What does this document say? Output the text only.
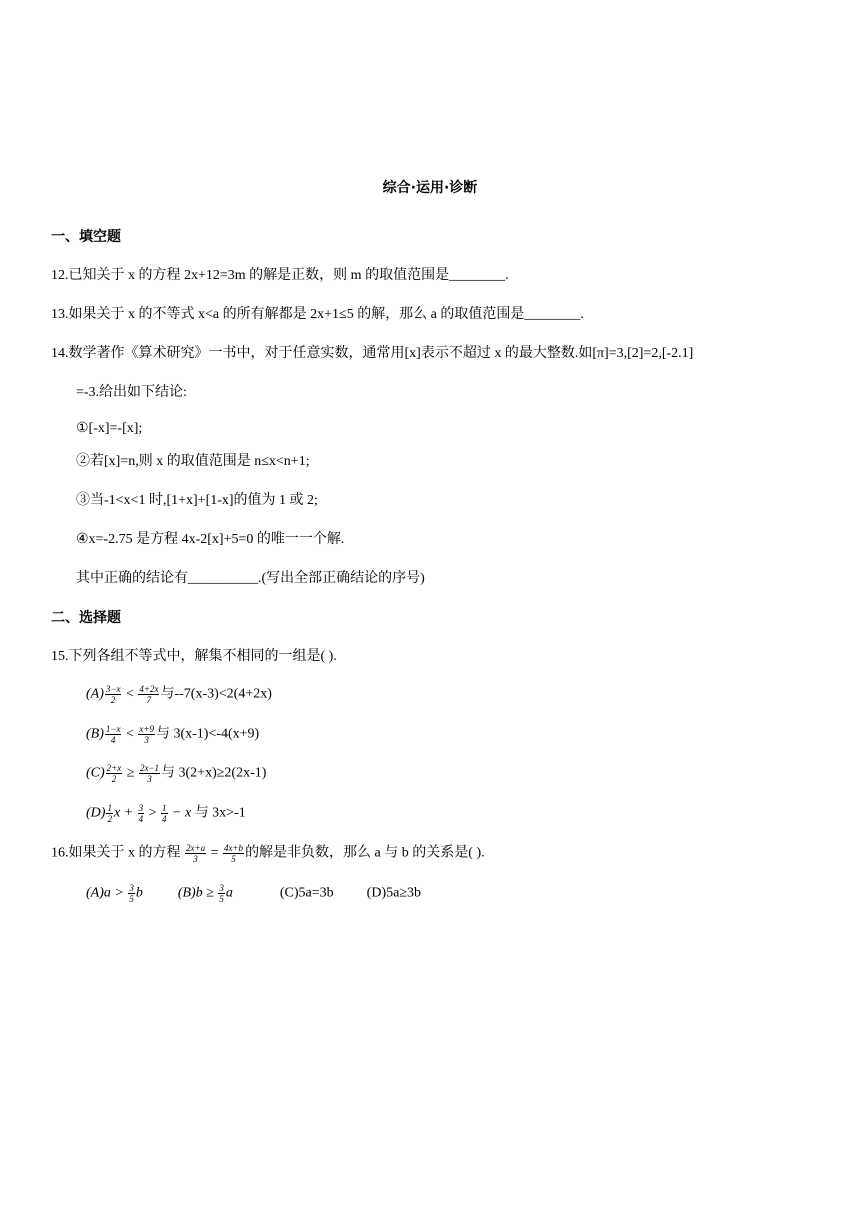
综合·运用·诊断
一、填空题
12.已知关于 x 的方程 2x+12=3m 的解是正数，则 m 的取值范围是________.
13.如果关于 x 的不等式 x<a 的所有解都是 2x+1≤5 的解，那么 a 的取值范围是________.
14.数学著作《算术研究》一书中，对于任意实数，通常用[x]表示不超过 x 的最大整数.如[π]=3,[2]=2,[-2.1]
=-3.给出如下结论:
①[-x]=-[x];
②若[x]=n,则 x 的取值范围是 n≤x<n+1;
③当-1<x<1 时,[1+x]+[1-x]的值为 1 或 2;
④x=-2.75 是方程 4x-2[x]+5=0 的唯一一个解.
其中正确的结论有__________.(写出全部正确结论的序号)
二、选择题
15.下列各组不等式中，解集不相同的一组是( ).
$(A) \frac{3-x}{2} < \frac{4+2x}{7}$ 与--7(x-3)<2(4+2x)
$(B) \frac{1-x}{4} < \frac{x+9}{3}$ 与 3(x-1)<-4(x+9)
$(C) \frac{2+x}{2} \ge \frac{2x-1}{3}$ 与 3(2+x)≥2(2x-1)
$(D) \frac{1}{2}$ $x + \frac{3}{4} > \frac{1}{4} - x$ 与 3x>-1
16.如果关于 x 的方程 $\frac{2x+a}{3} = \frac{4x+b}{5}$ 的解是非负数，那么 a 与 b 的关系是( ).
$(A)a > \frac{3}{5}$ b	$(B)b \ge \frac{3}{5}$ a	(C)5a=3b (D)5a≥3b
